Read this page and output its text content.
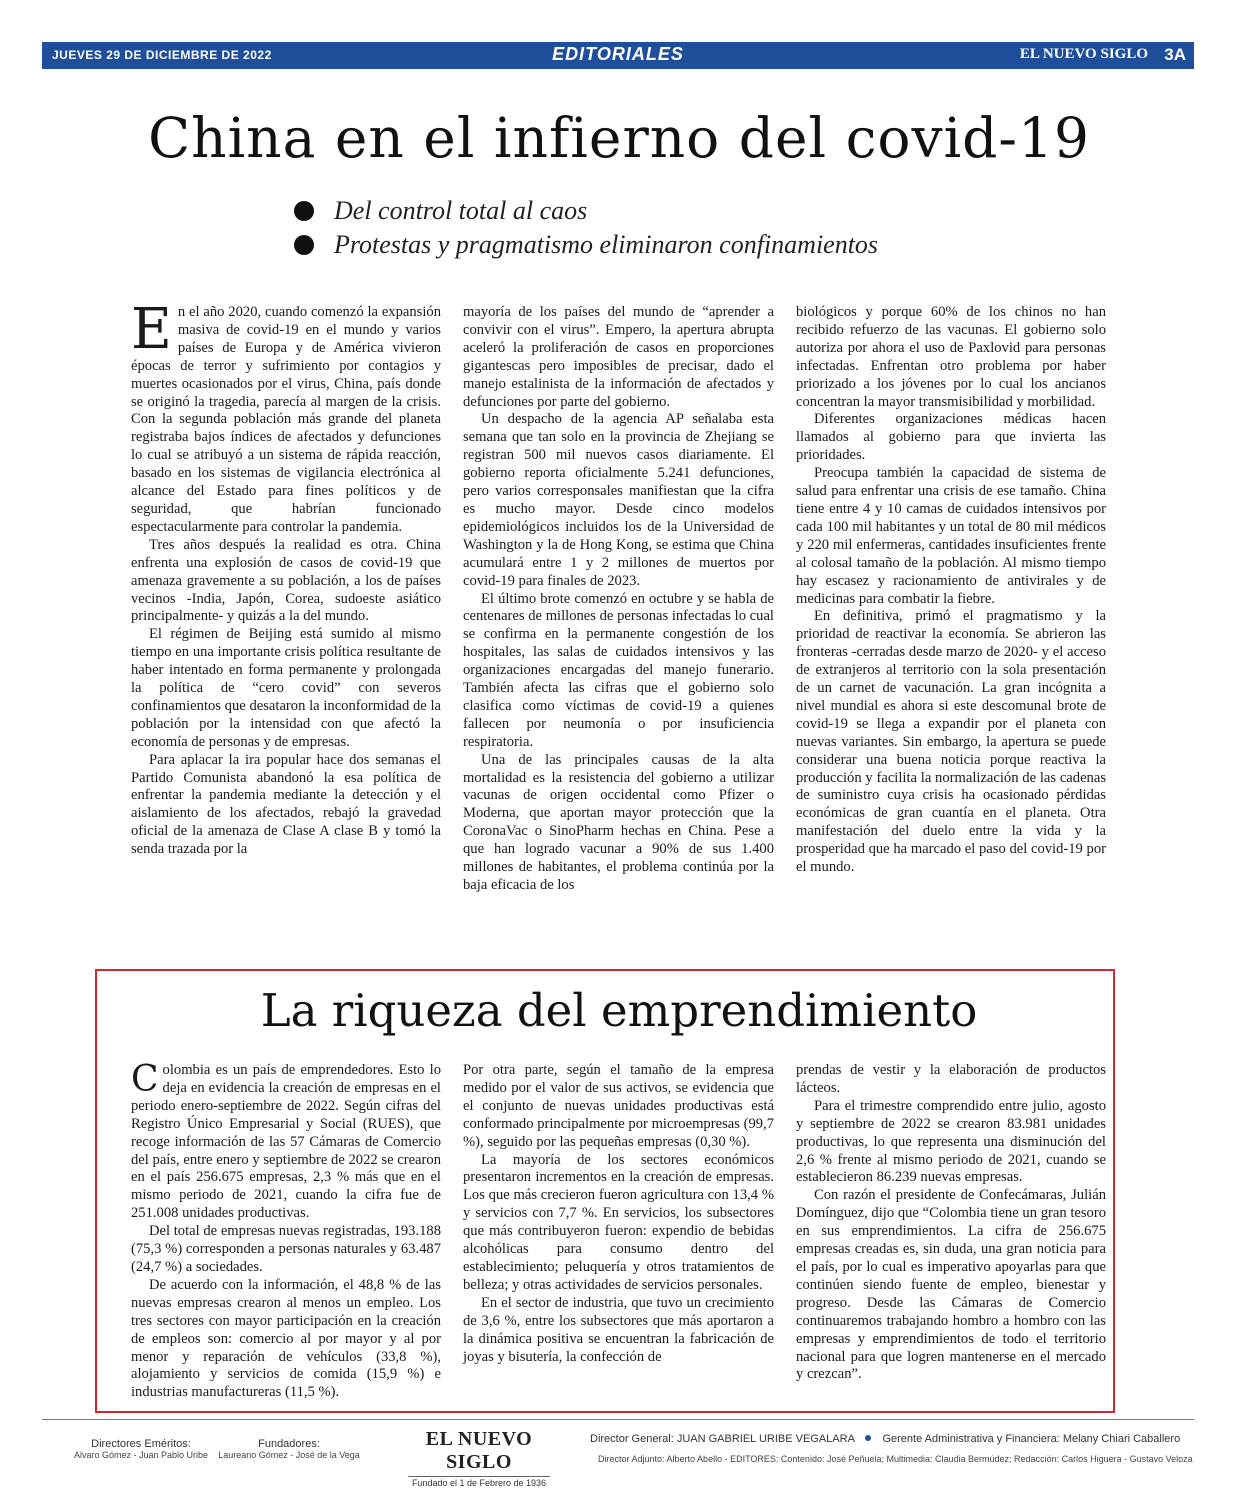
JUEVES 29 DE DICIEMBRE DE 2022	EDITORIALES	EL NUEVO SIGLO 3A
China en el infierno del covid-19
Del control total al caos
Protestas y pragmatismo eliminaron confinamientos

En el año 2020, cuando comenzó la expansión masiva de covid-19 en el mundo y varios países de Europa y de América vivieron épocas de terror y sufrimiento por contagios y muertes ocasionados por el virus, China, país donde se originó la tragedia, parecía al margen de la crisis. Con la segunda población más grande del planeta registraba bajos índices de afectados y defunciones lo cual se atribuyó a un sistema de rápida reacción, basado en los sistemas de vigilancia electrónica al alcance del Estado para fines políticos y de seguridad, que habrían funcionado espectacularmente para controlar la pandemia.

Tres años después la realidad es otra. China enfrenta una explosión de casos de covid-19 que amenaza gravemente a su población, a los de países vecinos -India, Japón, Corea, sudoeste asiático principalmente- y quizás a la del mundo.

El régimen de Beijing está sumido al mismo tiempo en una importante crisis política resultante de haber intentado en forma permanente y prolongada la política de “cero covid” con severos confinamientos que desataron la inconformidad de la población por la intensidad con que afectó la economía de personas y de empresas.

Para aplacar la ira popular hace dos semanas el Partido Comunista abandonó la esa política de enfrentar la pandemia mediante la detección y el aislamiento de los afectados, rebajó la gravedad oficial de la amenaza de Clase A clase B y tomó la senda trazada por la

mayoría de los países del mundo de “aprender a convivir con el virus”. Empero, la apertura abrupta aceleró la proliferación de casos en proporciones gigantescas pero imposibles de precisar, dado el manejo estalinista de la información de afectados y defunciones por parte del gobierno.

Un despacho de la agencia AP señalaba esta semana que tan solo en la provincia de Zhejiang se registran 500 mil nuevos casos diariamente. El gobierno reporta oficialmente 5.241 defunciones, pero varios corresponsales manifiestan que la cifra es mucho mayor. Desde cinco modelos epidemiológicos incluidos los de la Universidad de Washington y la de Hong Kong, se estima que China acumulará entre 1 y 2 millones de muertos por covid-19 para finales de 2023.

El último brote comenzó en octubre y se habla de centenares de millones de personas infectadas lo cual se confirma en la permanente congestión de los hospitales, las salas de cuidados intensivos y las organizaciones encargadas del manejo funerario. También afecta las cifras que el gobierno solo clasifica como víctimas de covid-19 a quienes fallecen por neumonía o por insuficiencia respiratoria.

Una de las principales causas de la alta mortalidad es la resistencia del gobierno a utilizar vacunas de origen occidental como Pfizer o Moderna, que aportan mayor protección que la CoronaVac o SinoPharm hechas en China. Pese a que han logrado vacunar a 90% de sus 1.400 millones de habitantes, el problema continúa por la baja eficacia de los

biológicos y porque 60% de los chinos no han recibido refuerzo de las vacunas. El gobierno solo autoriza por ahora el uso de Paxlovid para personas infectadas. Enfrentan otro problema por haber priorizado a los jóvenes por lo cual los ancianos concentran la mayor transmisibilidad y morbilidad.

Diferentes organizaciones médicas hacen llamados al gobierno para que invierta las prioridades.

Preocupa también la capacidad de sistema de salud para enfrentar una crisis de ese tamaño. China tiene entre 4 y 10 camas de cuidados intensivos por cada 100 mil habitantes y un total de 80 mil médicos y 220 mil enfermeras, cantidades insuficientes frente al colosal tamaño de la población. Al mismo tiempo hay escasez y racionamiento de antivirales y de medicinas para combatir la fiebre.

En definitiva, primó el pragmatismo y la prioridad de reactivar la economía. Se abrieron las fronteras -cerradas desde marzo de 2020- y el acceso de extranjeros al territorio con la sola presentación de un carnet de vacunación. La gran incógnita a nivel mundial es ahora si este descomunal brote de covid-19 se llega a expandir por el planeta con nuevas variantes. Sin embargo, la apertura se puede considerar una buena noticia porque reactiva la producción y facilita la normalización de las cadenas de suministro cuya crisis ha ocasionado pérdidas económicas de gran cuantía en el planeta. Otra manifestación del duelo entre la vida y la prosperidad que ha marcado el paso del covid-19 por el mundo.

La riqueza del emprendimiento

Colombia es un país de emprendedores. Esto lo deja en evidencia la creación de empresas en el periodo enero-septiembre de 2022. Según cifras del Registro Único Empresarial y Social (RUES), que recoge información de las 57 Cámaras de Comercio del país, entre enero y septiembre de 2022 se crearon en el país 256.675 empresas, 2,3 % más que en el mismo periodo de 2021, cuando la cifra fue de 251.008 unidades productivas.

Del total de empresas nuevas registradas, 193.188 (75,3 %) corresponden a personas naturales y 63.487 (24,7 %) a sociedades.

De acuerdo con la información, el 48,8 % de las nuevas empresas crearon al menos un empleo. Los tres sectores con mayor participación en la creación de empleos son: comercio al por mayor y al por menor y reparación de vehículos (33,8 %), alojamiento y servicios de comida (15,9 %) e industrias manufactureras (11,5 %).

Por otra parte, según el tamaño de la empresa medido por el valor de sus activos, se evidencia que el conjunto de nuevas unidades productivas está conformado principalmente por microempresas (99,7 %), seguido por las pequeñas empresas (0,30 %).

La mayoría de los sectores económicos presentaron incrementos en la creación de empresas. Los que más crecieron fueron agricultura con 13,4 % y servicios con 7,7 %. En servicios, los subsectores que más contribuyeron fueron: expendio de bebidas alcohólicas para consumo dentro del establecimiento; peluquería y otros tratamientos de belleza; y otras actividades de servicios personales.

En el sector de industria, que tuvo un crecimiento de 3,6 %, entre los subsectores que más aportaron a la dinámica positiva se encuentran la fabricación de joyas y bisutería, la confección de

prendas de vestir y la elaboración de productos lácteos.

Para el trimestre comprendido entre julio, agosto y septiembre de 2022 se crearon 83.981 unidades productivas, lo que representa una disminución del 2,6 % frente al mismo periodo de 2021, cuando se establecieron 86.239 nuevas empresas.

Con razón el presidente de Confecámaras, Julián Domínguez, dijo que “Colombia tiene un gran tesoro en sus emprendimientos. La cifra de 256.675 empresas creadas es, sin duda, una gran noticia para el país, por lo cual es imperativo apoyarlas para que continúen siendo fuente de empleo, bienestar y progreso. Desde las Cámaras de Comercio continuaremos trabajando hombro a hombro con las empresas y emprendimientos de todo el territorio nacional para que logren mantenerse en el mercado y crezcan”.

Directores Eméritos:
Alvaro Gómez - Juan Pablo Uribe
Fundadores:
Laureano Gómez - José de la Vega
EL NUEVO SIGLO
Fundado el 1 de Febrero de 1936
Director General: JUAN GABRIEL URIBE VEGALARA	Gerente Administrativa y Financiera: Melany Chiari Caballero
Director Adjunto: Alberto Abello - EDITORES: Contenido: José Peñuela; Multimedia: Claudia Bermúdez; Redacción: Carlos Higuera - Gustavo Veloza
